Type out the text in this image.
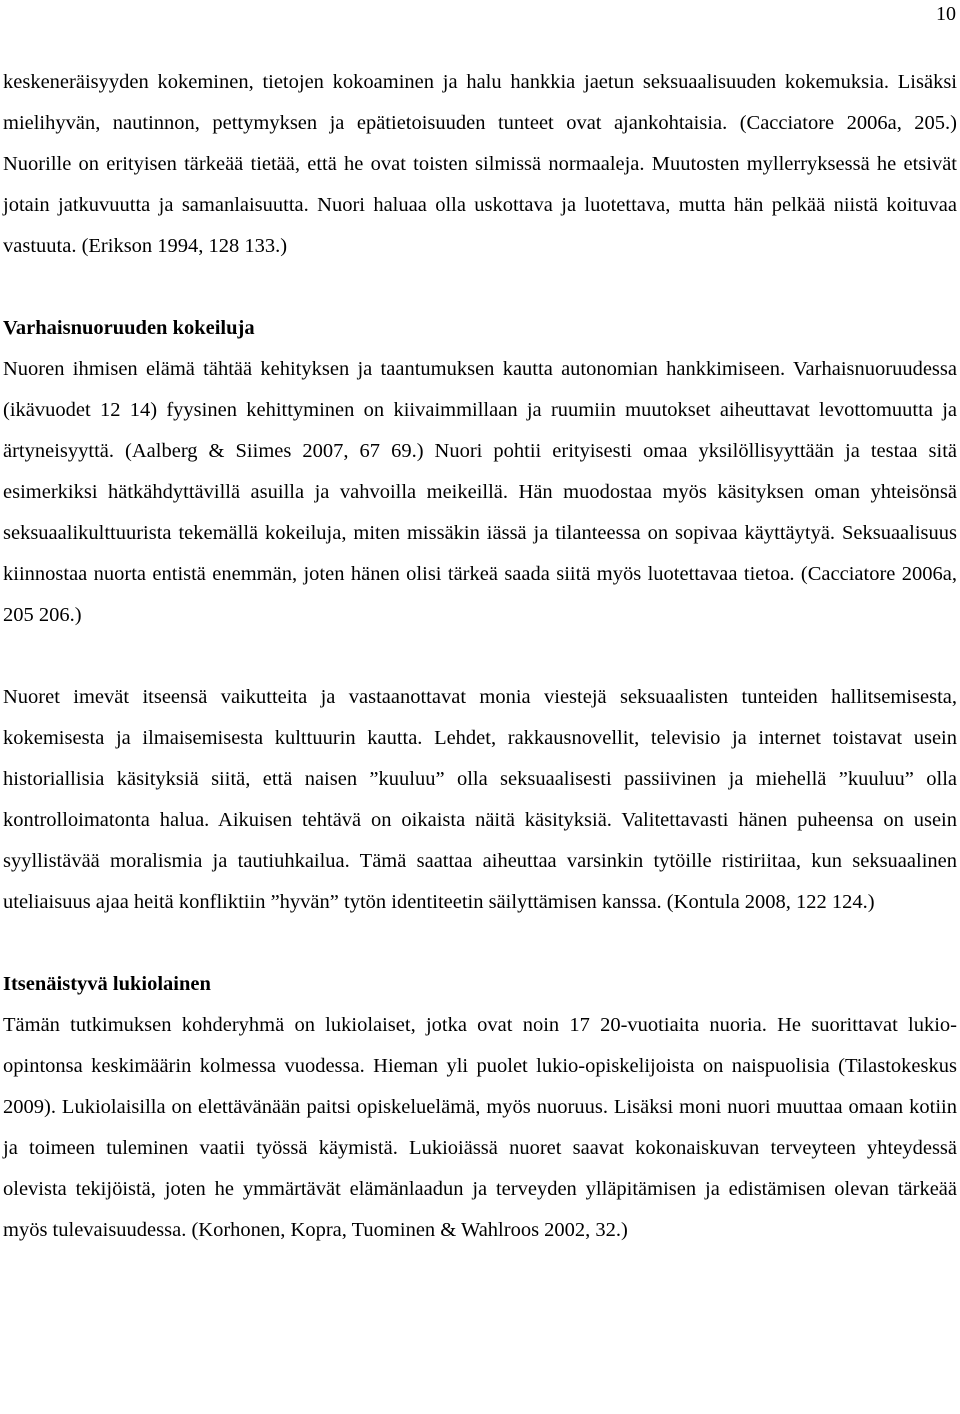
10

keskeneräisyyden kokeminen, tietojen kokoaminen ja halu hankkia jaetun seksuaalisuuden kokemuksia. Lisäksi mielihyvän, nautinnon, pettymyksen ja epätietoisuuden tunteet ovat ajankohtaisia. (Cacciatore 2006a, 205.) Nuorille on erityisen tärkeää tietää, että he ovat toisten silmissä normaaleja. Muutosten myllerryksessä he etsivät jotain jatkuvuutta ja samanlaisuutta. Nuori haluaa olla uskottava ja luotettava, mutta hän pelkää niistä koituvaa vastuuta. (Erikson 1994, 128 133.)

Varhaisnuoruuden kokeiluja

Nuoren ihmisen elämä tähtää kehityksen ja taantumuksen kautta autonomian hankkimiseen. Varhaisnuoruudessa (ikävuodet 12 14) fyysinen kehittyminen on kiivaimmillaan ja ruumiin muutokset aiheuttavat levottomuutta ja ärtyneisyyttä. (Aalberg & Siimes 2007, 67 69.) Nuori pohtii erityisesti omaa yksilöllisyyttään ja testaa sitä esimerkiksi hätkähdyttävillä asuilla ja vahvoilla meikeillä. Hän muodostaa myös käsityksen oman yhteisönsä seksuaalikulttuurista tekemällä kokeiluja, miten missäkin iässä ja tilanteessa on sopivaa käyttäytyä. Seksuaalisuus kiinnostaa nuorta entistä enemmän, joten hänen olisi tärkeä saada siitä myös luotettavaa tietoa. (Cacciatore 2006a, 205 206.)

Nuoret imevät itseensä vaikutteita ja vastaanottavat monia viestejä seksuaalisten tunteiden hallitsemisesta, kokemisesta ja ilmaisemisesta kulttuurin kautta. Lehdet, rakkausnovellit, televisio ja internet toistavat usein historiallisia käsityksiä siitä, että naisen ”kuuluu” olla seksuaalisesti passiivinen ja miehellä ”kuuluu” olla kontrolloimatonta halua. Aikuisen tehtävä on oikaista näitä käsityksiä. Valitettavasti hänen puheensa on usein syyllistävää moralismia ja tautiuhkailua. Tämä saattaa aiheuttaa varsinkin tytöille ristiriitaa, kun seksuaalinen uteliaisuus ajaa heitä konfliktiin ”hyvän” tytön identiteetin säilyttämisen kanssa. (Kontula 2008, 122 124.)

Itsenäistyvä lukiolainen

Tämän tutkimuksen kohderyhmä on lukiolaiset, jotka ovat noin 17 20-vuotiaita nuoria. He suorittavat lukio-opintonsa keskimäärin kolmessa vuodessa. Hieman yli puolet lukio-opiskelijoista on naispuolisia (Tilastokeskus 2009). Lukiolaisilla on elettävänään paitsi opiskeluelämä, myös nuoruus. Lisäksi moni nuori muuttaa omaan kotiin ja toimeen tuleminen vaatii työssä käymistä. Lukioiässä nuoret saavat kokonaiskuvan terveyteen yhteydessä olevista tekijöistä, joten he ymmärtävät elämänlaadun ja terveyden ylläpitämisen ja edistämisen olevan tärkeää myös tulevaisuudessa. (Korhonen, Kopra, Tuominen & Wahlroos 2002, 32.)
